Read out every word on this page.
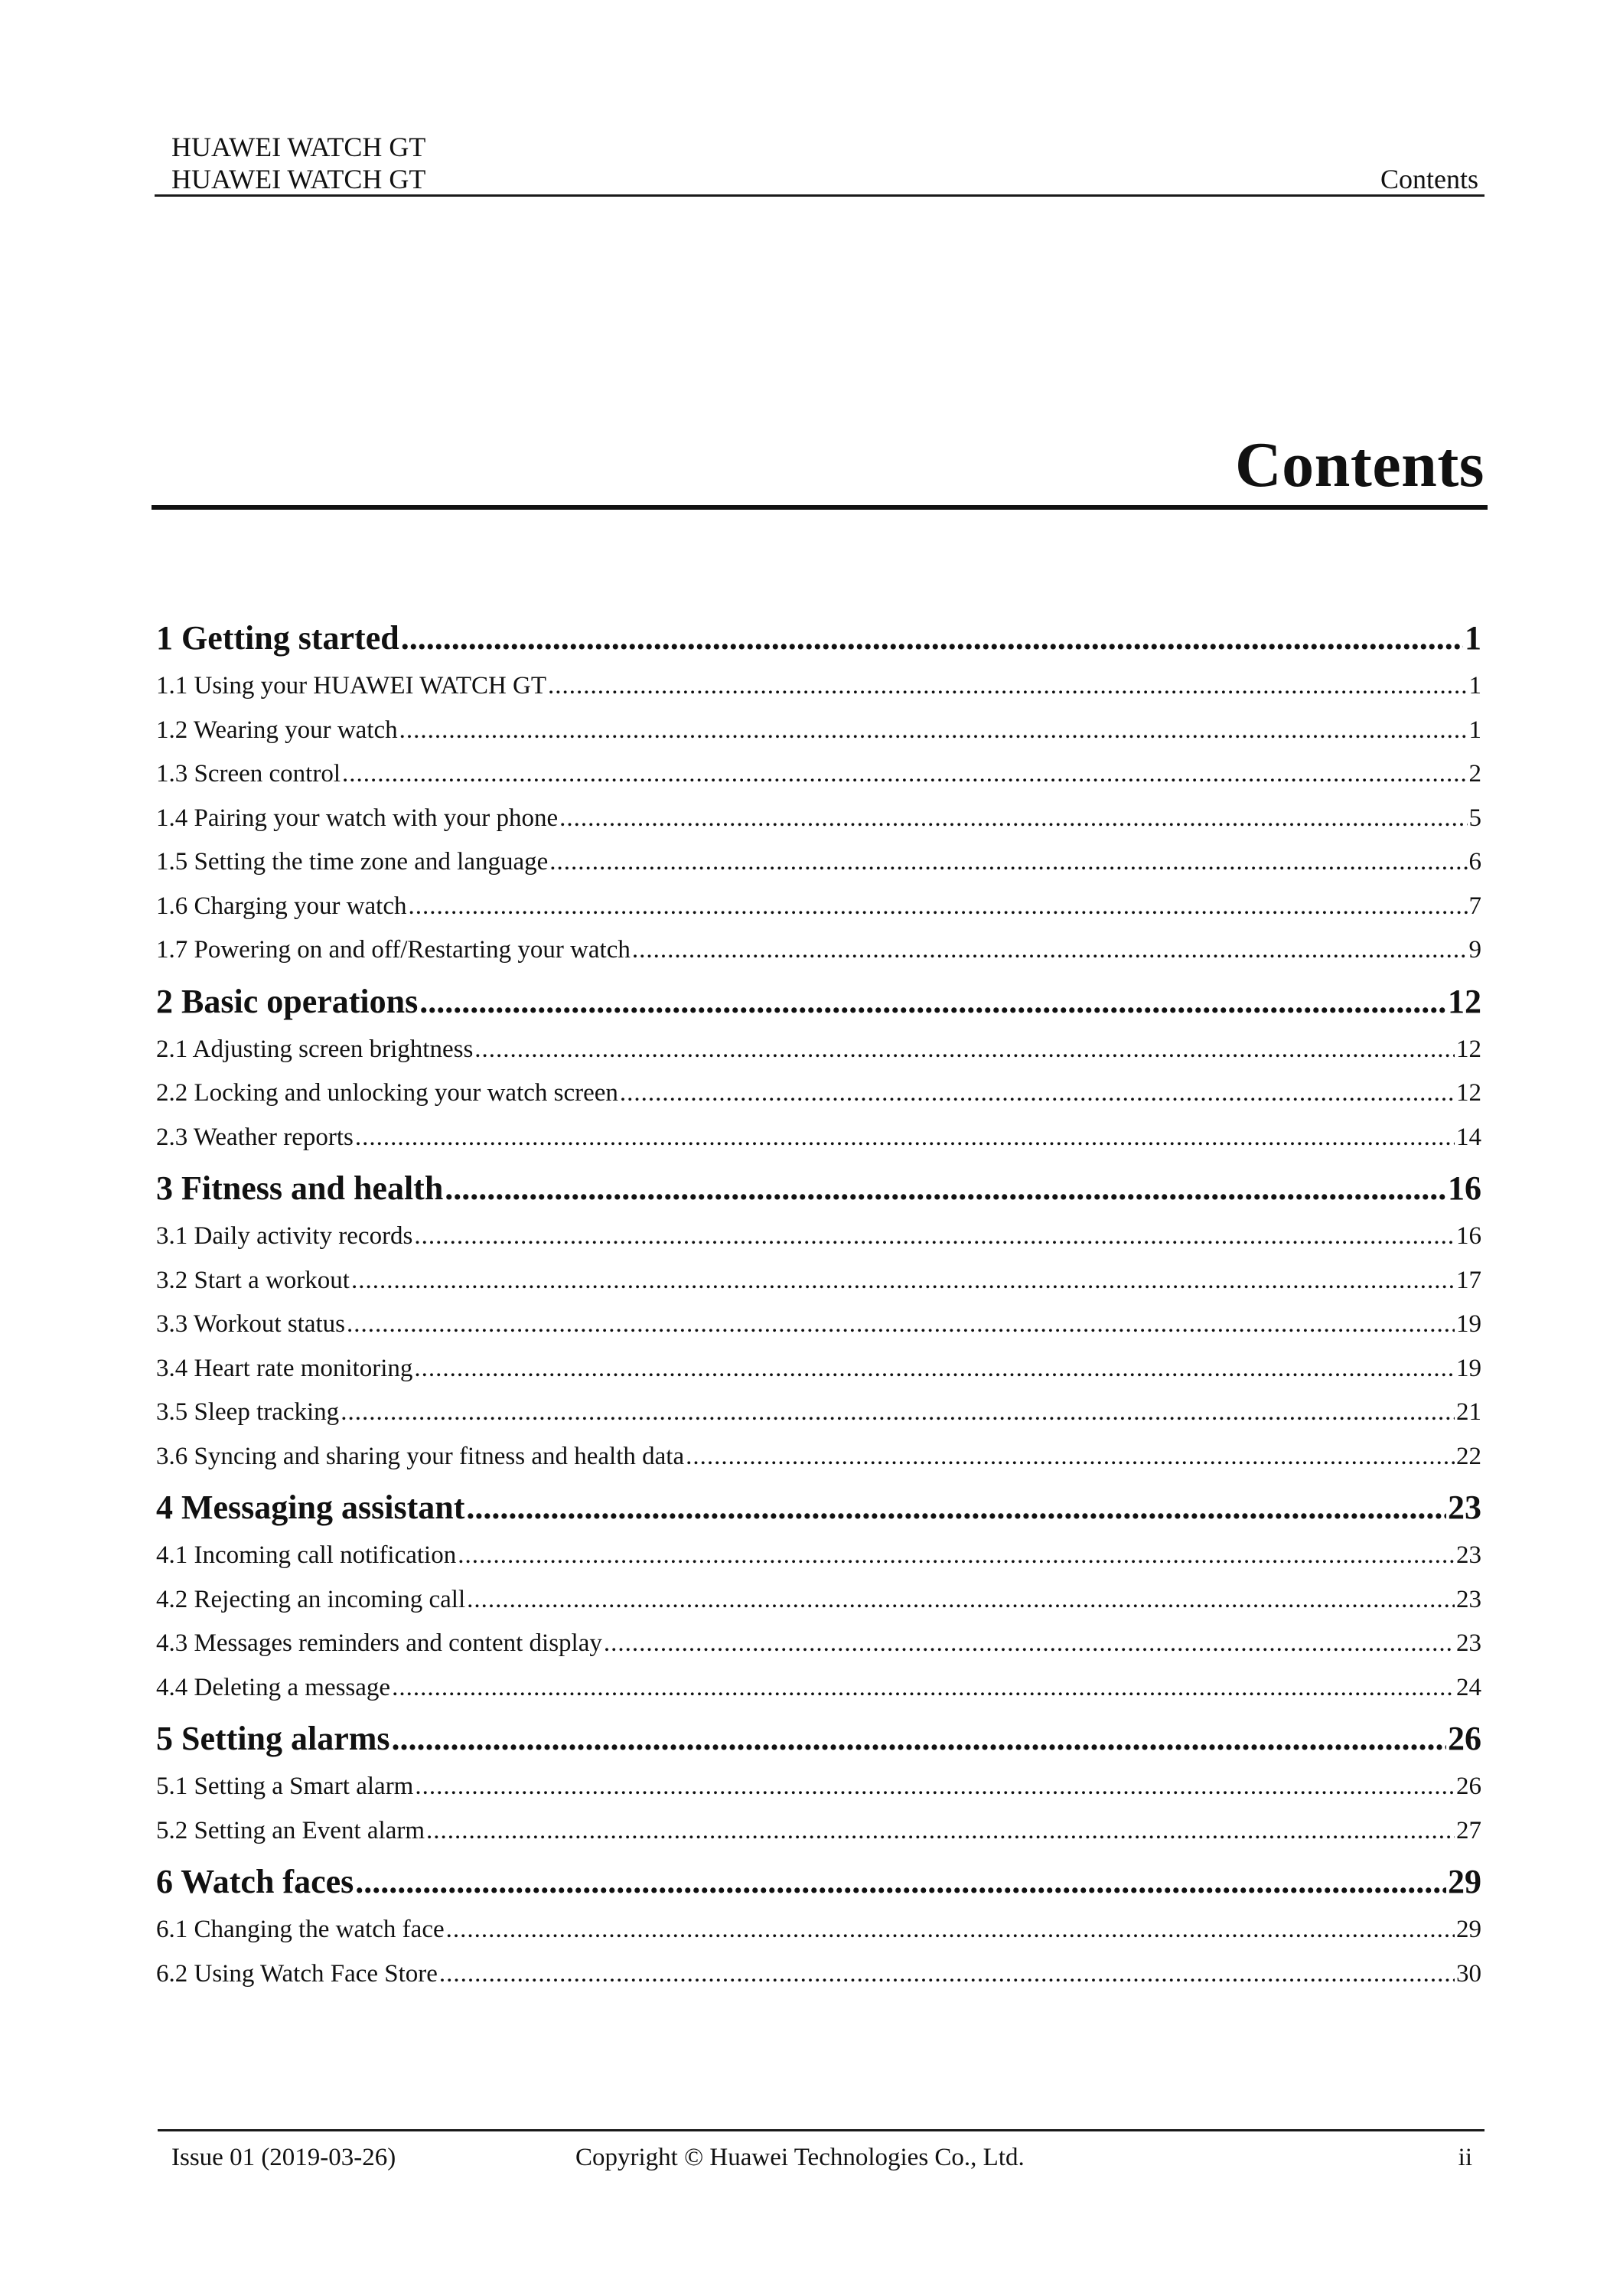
HUAWEI WATCH GT
HUAWEI WATCH GT	Contents
Contents
1 Getting started .....	1
1.1 Using your HUAWEI WATCH GT .....	1
1.2 Wearing your watch .....	1
1.3 Screen control .....	2
1.4 Pairing your watch with your phone .....	5
1.5 Setting the time zone and language .....	6
1.6 Charging your watch .....	7
1.7 Powering on and off/Restarting your watch .....	9
2 Basic operations .....	12
2.1 Adjusting screen brightness .....	12
2.2 Locking and unlocking your watch screen .....	12
2.3 Weather reports .....	14
3 Fitness and health .....	16
3.1 Daily activity records .....	16
3.2 Start a workout .....	17
3.3 Workout status .....	19
3.4 Heart rate monitoring .....	19
3.5 Sleep tracking .....	21
3.6 Syncing and sharing your fitness and health data .....	22
4 Messaging assistant .....	23
4.1 Incoming call notification .....	23
4.2 Rejecting an incoming call .....	23
4.3 Messages reminders and content display .....	23
4.4 Deleting a message .....	24
5 Setting alarms .....	26
5.1 Setting a Smart alarm .....	26
5.2 Setting an Event alarm .....	27
6 Watch faces .....	29
6.1 Changing the watch face .....	29
6.2 Using Watch Face Store .....	30
Issue 01 (2019-03-26)	Copyright © Huawei Technologies Co., Ltd.	ii
